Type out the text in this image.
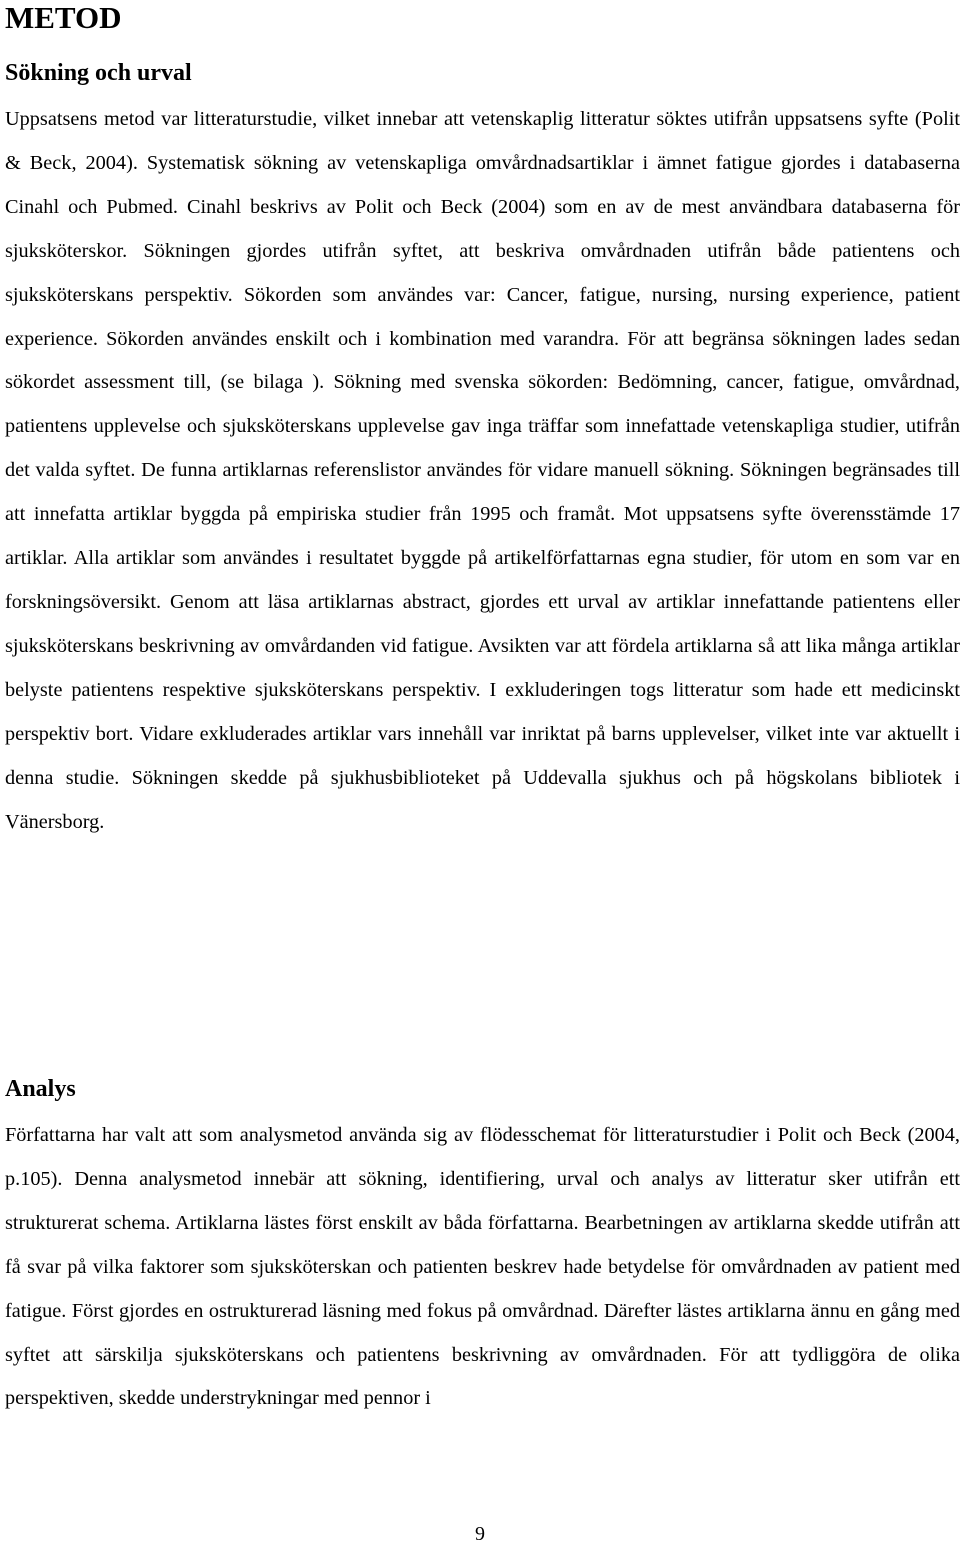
METOD
Sökning och urval
Uppsatsens metod var litteraturstudie, vilket innebar att vetenskaplig litteratur söktes utifrån uppsatsens syfte (Polit & Beck, 2004). Systematisk sökning av vetenskapliga omvårdnadsartiklar i ämnet fatigue gjordes i databaserna Cinahl och Pubmed. Cinahl beskrivs av Polit och Beck (2004) som en av de mest användbara databaserna för sjuksköterskor. Sökningen gjordes utifrån syftet, att beskriva omvårdnaden utifrån både patientens och sjuksköterskans perspektiv. Sökorden som användes var: Cancer, fatigue, nursing, nursing experience, patient experience. Sökorden användes enskilt och i kombination med varandra. För att begränsa sökningen lades sedan sökordet assessment till, (se bilaga ). Sökning med svenska sökorden: Bedömning, cancer, fatigue, omvårdnad, patientens upplevelse och sjuksköterskans upplevelse gav inga träffar som innefattade vetenskapliga studier, utifrån det valda syftet. De funna artiklarnas referenslistor användes för vidare manuell sökning. Sökningen begränsades till att innefatta artiklar byggda på empiriska studier från 1995 och framåt. Mot uppsatsens syfte överensstämde 17 artiklar. Alla artiklar som användes i resultatet byggde på artikelförfattarnas egna studier, för utom en som var en forskningsöversikt. Genom att läsa artiklarnas abstract, gjordes ett urval av artiklar innefattande patientens eller sjuksköterskans beskrivning av omvårdanden vid fatigue. Avsikten var att fördela artiklarna så att lika många artiklar belyste patientens respektive sjuksköterskans perspektiv. I exkluderingen togs litteratur som hade ett medicinskt perspektiv bort. Vidare exkluderades artiklar vars innehåll var inriktat på barns upplevelser, vilket inte var aktuellt i denna studie. Sökningen skedde på sjukhusbiblioteket på Uddevalla sjukhus och på högskolans bibliotek i Vänersborg.
Analys
Författarna har valt att som analysmetod använda sig av flödesschemat för litteraturstudier i Polit och Beck (2004, p.105). Denna analysmetod innebär att sökning, identifiering, urval och analys av litteratur sker utifrån ett strukturerat schema. Artiklarna lästes först enskilt av båda författarna. Bearbetningen av artiklarna skedde utifrån att få svar på vilka faktorer som sjuksköterskan och patienten beskrev hade betydelse för omvårdnaden av patient med fatigue. Först gjordes en ostrukturerad läsning med fokus på omvårdnad. Därefter lästes artiklarna ännu en gång med syftet att särskilja sjuksköterskans och patientens beskrivning av omvårdnaden. För att tydliggöra de olika perspektiven, skedde understrykningar med pennor i
9
